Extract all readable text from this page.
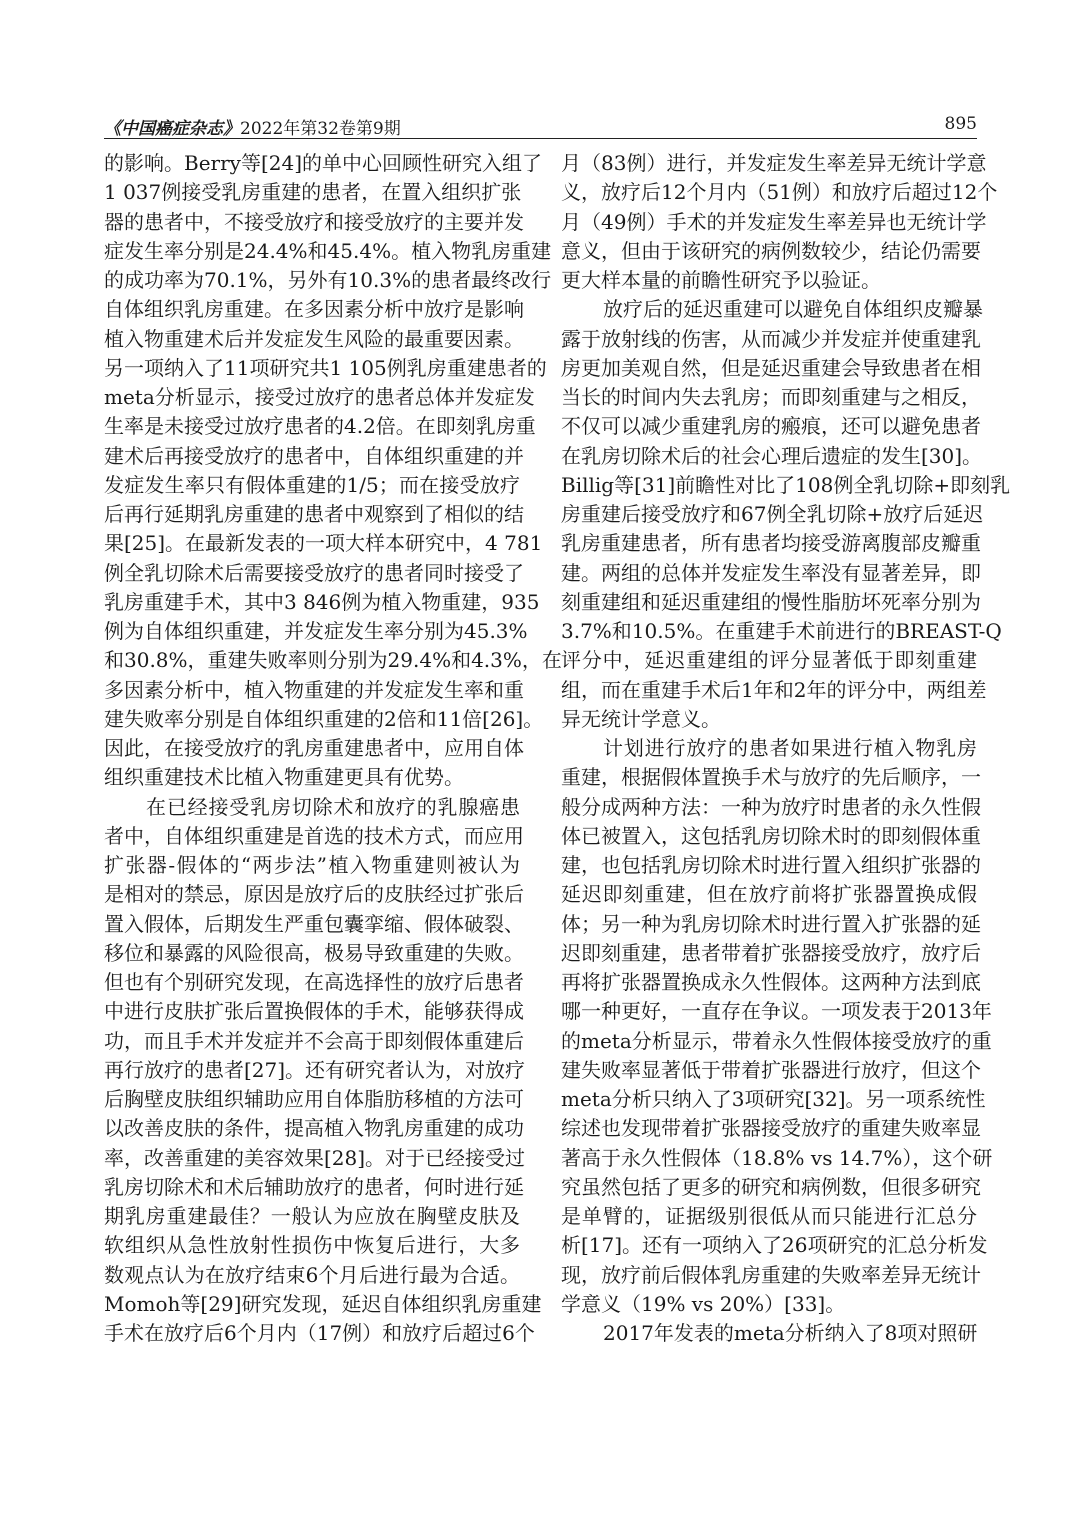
《中国癌症杂志》2022年第32卷第9期	895
的影响。Berry等[24]的单中心回顾性研究入组了
1 037例接受乳房重建的患者，在置入组织扩张
器的患者中，不接受放疗和接受放疗的主要并发
症发生率分别是24.4%和45.4%。植入物乳房重建
的成功率为70.1%，另外有10.3%的患者最终改行
自体组织乳房重建。在多因素分析中放疗是影响
植入物重建术后并发症发生风险的最重要因素。
另一项纳入了11项研究共1 105例乳房重建患者的
meta分析显示，接受过放疗的患者总体并发症发
生率是未接受过放疗患者的4.2倍。在即刻乳房重
建术后再接受放疗的患者中，自体组织重建的并
发症发生率只有假体重建的1/5；而在接受放疗
后再行延期乳房重建的患者中观察到了相似的结
果[25]。在最新发表的一项大样本研究中，4 781
例全乳切除术后需要接受放疗的患者同时接受了
乳房重建手术，其中3 846例为植入物重建，935
例为自体组织重建，并发症发生率分别为45.3%
和30.8%，重建失败率则分别为29.4%和4.3%，在
多因素分析中，植入物重建的并发症发生率和重
建失败率分别是自体组织重建的2倍和11倍[26]。
因此，在接受放疗的乳房重建患者中，应用自体
组织重建技术比植入物重建更具有优势。
在已经接受乳房切除术和放疗的乳腺癌患
者中，自体组织重建是首选的技术方式，而应用
扩张器-假体的“两步法”植入物重建则被认为
是相对的禁忌，原因是放疗后的皮肤经过扩张后
置入假体，后期发生严重包囊挛缩、假体破裂、
移位和暴露的风险很高，极易导致重建的失败。
但也有个别研究发现，在高选择性的放疗后患者
中进行皮肤扩张后置换假体的手术，能够获得成
功，而且手术并发症并不会高于即刻假体重建后
再行放疗的患者[27]。还有研究者认为，对放疗
后胸壁皮肤组织辅助应用自体脂肪移植的方法可
以改善皮肤的条件，提高植入物乳房重建的成功
率，改善重建的美容效果[28]。对于已经接受过
乳房切除术和术后辅助放疗的患者，何时进行延
期乳房重建最佳？一般认为应放在胸壁皮肤及
软组织从急性放射性损伤中恢复后进行，大多
数观点认为在放疗结束6个月后进行最为合适。
Momoh等[29]研究发现，延迟自体组织乳房重建
手术在放疗后6个月内（17例）和放疗后超过6个
月（83例）进行，并发症发生率差异无统计学意
义，放疗后12个月内（51例）和放疗后超过12个
月（49例）手术的并发症发生率差异也无统计学
意义，但由于该研究的病例数较少，结论仍需要
更大样本量的前瞻性研究予以验证。
放疗后的延迟重建可以避免自体组织皮瓣暴
露于放射线的伤害，从而减少并发症并使重建乳
房更加美观自然，但是延迟重建会导致患者在相
当长的时间内失去乳房；而即刻重建与之相反，
不仅可以减少重建乳房的瘢痕，还可以避免患者
在乳房切除术后的社会心理后遗症的发生[30]。
Billig等[31]前瞻性对比了108例全乳切除+即刻乳
房重建后接受放疗和67例全乳切除+放疗后延迟
乳房重建患者，所有患者均接受游离腹部皮瓣重
建。两组的总体并发症发生率没有显著差异，即
刻重建组和延迟重建组的慢性脂肪坏死率分别为
3.7%和10.5%。在重建手术前进行的BREAST-Q
评分中，延迟重建组的评分显著低于即刻重建
组，而在重建手术后1年和2年的评分中，两组差
异无统计学意义。
计划进行放疗的患者如果进行植入物乳房
重建，根据假体置换手术与放疗的先后顺序，一
般分成两种方法：一种为放疗时患者的永久性假
体已被置入，这包括乳房切除术时的即刻假体重
建，也包括乳房切除术时进行置入组织扩张器的
延迟即刻重建，但在放疗前将扩张器置换成假
体；另一种为乳房切除术时进行置入扩张器的延
迟即刻重建，患者带着扩张器接受放疗，放疗后
再将扩张器置换成永久性假体。这两种方法到底
哪一种更好，一直存在争议。一项发表于2013年
的meta分析显示，带着永久性假体接受放疗的重
建失败率显著低于带着扩张器进行放疗，但这个
meta分析只纳入了3项研究[32]。另一项系统性
综述也发现带着扩张器接受放疗的重建失败率显
著高于永久性假体（18.8% vs 14.7%），这个研
究虽然包括了更多的研究和病例数，但很多研究
是单臂的，证据级别很低从而只能进行汇总分
析[17]。还有一项纳入了26项研究的汇总分析发
现，放疗前后假体乳房重建的失败率差异无统计
学意义（19% vs 20%）[33]。
2017年发表的meta分析纳入了8项对照研
